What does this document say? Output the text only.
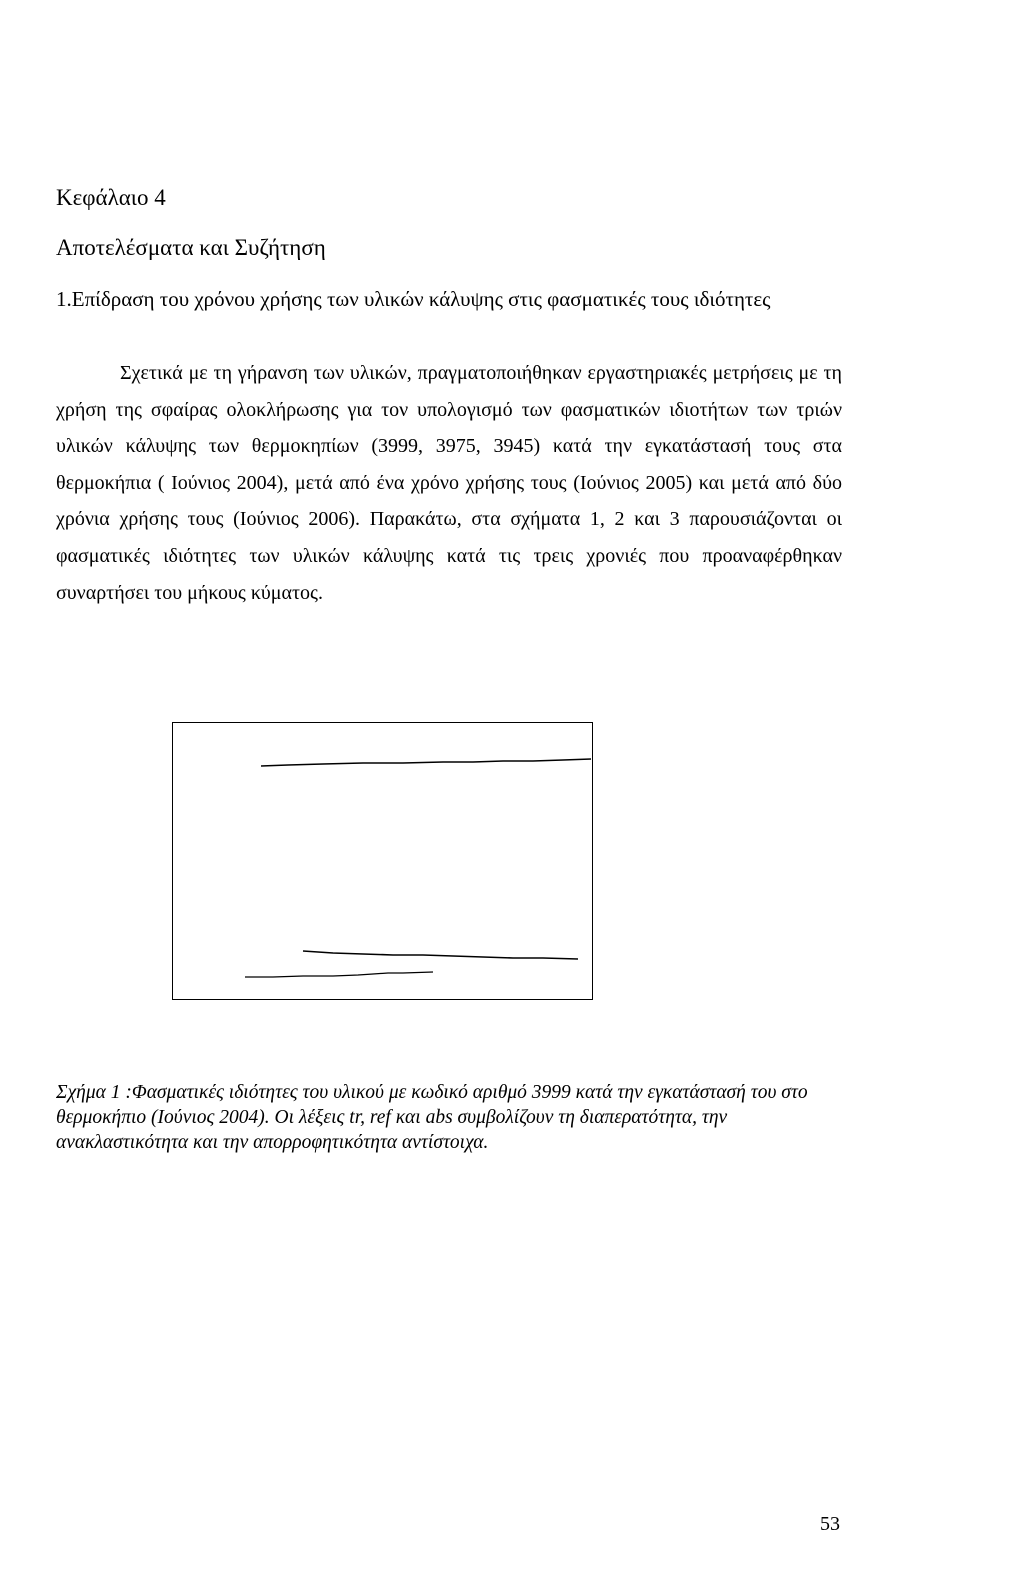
Κεφάλαιο 4
Αποτελέσματα και Συζήτηση
1.Επίδραση του χρόνου χρήσης των υλικών κάλυψης στις φασματικές τους ιδιότητες

Σχετικά με τη γήρανση των υλικών, πραγματοποιήθηκαν εργαστηριακές μετρήσεις με τη χρήση της σφαίρας ολοκλήρωσης για τον υπολογισμό των φασματικών ιδιοτήτων των τριών υλικών κάλυψης των θερμοκηπίων (3999, 3975, 3945) κατά την εγκατάστασή τους στα θερμοκήπια ( Ιούνιος 2004), μετά από ένα χρόνο χρήσης τους (Ιούνιος 2005) και μετά από δύο χρόνια χρήσης τους (Ιούνιος 2006). Παρακάτω, στα σχήματα 1, 2 και 3 παρουσιάζονται οι φασματικές ιδιότητες των υλικών κάλυψης κατά τις τρεις χρονιές που προαναφέρθηκαν συναρτήσει του μήκους κύματος.

Σχήμα 1 :Φασματικές ιδιότητες του υλικού με κωδικό αριθμό 3999 κατά την εγκατάστασή του στο θερμοκήπιο (Ιούνιος 2004). Οι λέξεις tr, ref και abs συμβολίζουν τη διαπερατότητα, την ανακλαστικότητα και την απορροφητικότητα αντίστοιχα.

53
